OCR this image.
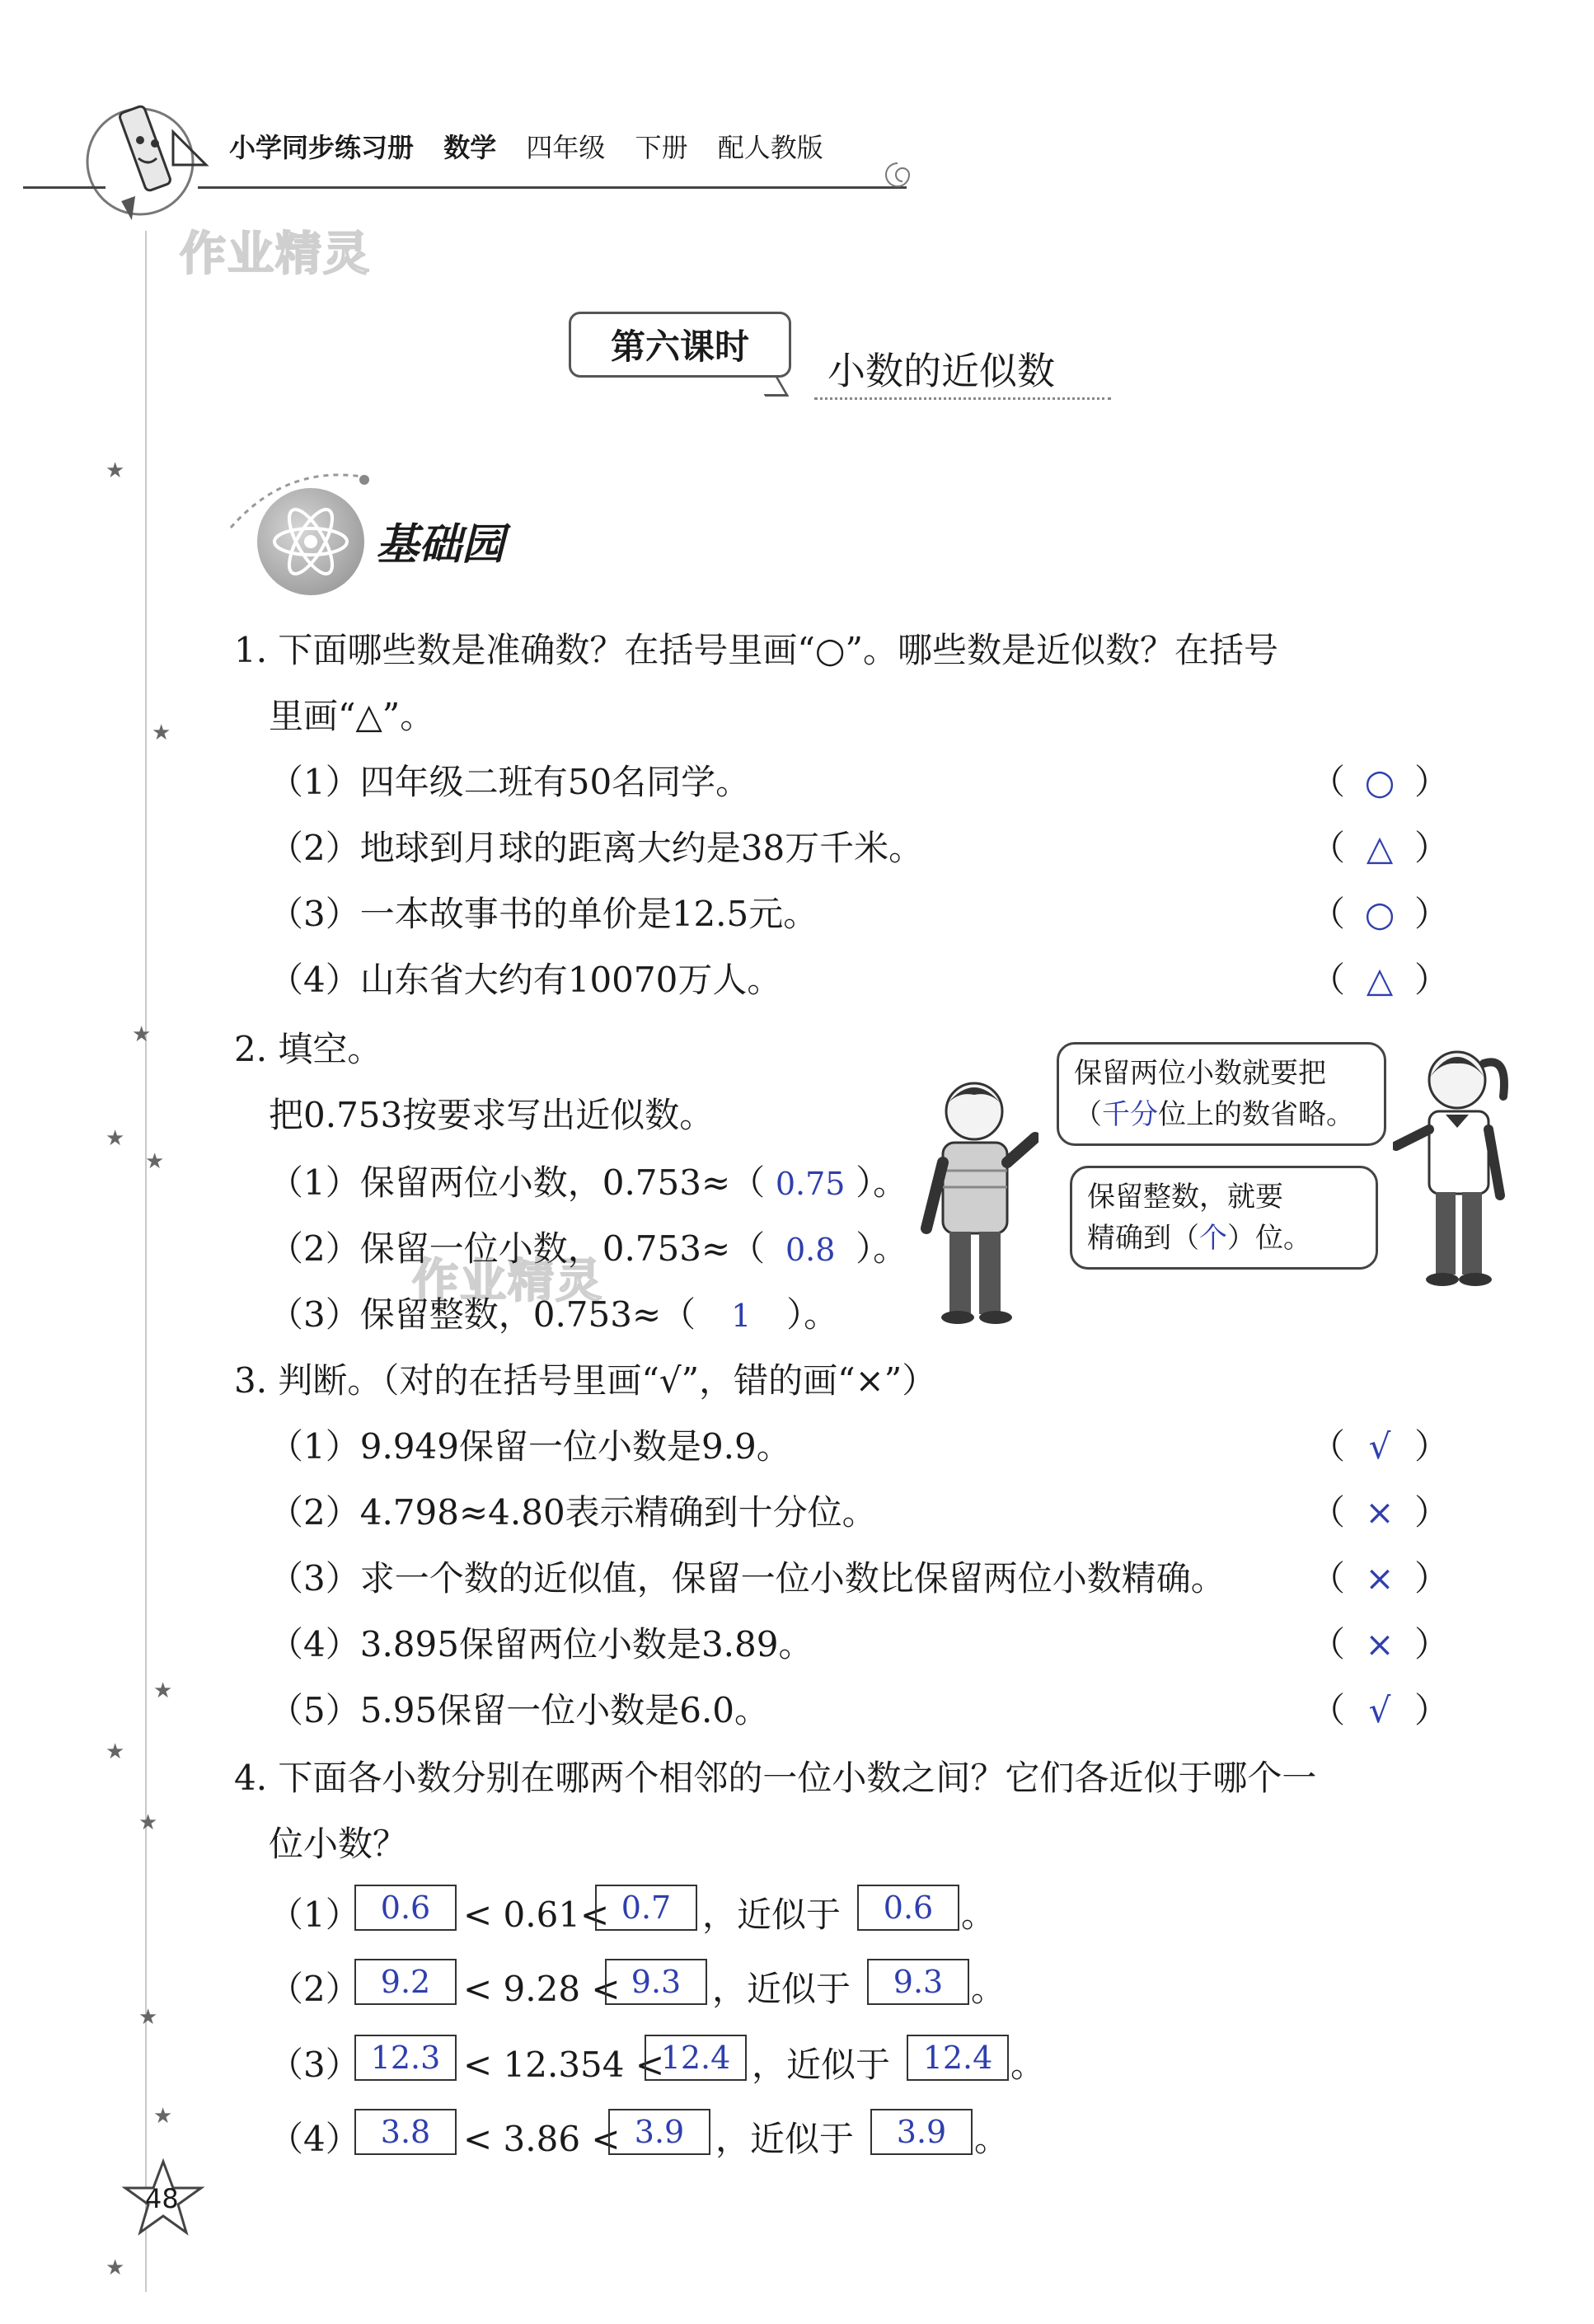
小学同步练习册 数学 四年级 下册 配人教版
作业精灵
作业精灵
★
★
★
★
★
★
★
★
★
★
★
第六课时
小数的近似数
基础园
1. 下面哪些数是准确数？在括号里画“○”。哪些数是近似数？在括号
里画“△”。
（1）四年级二班有50名同学。	（ ○ ）
（2）地球到月球的距离大约是38万千米。	（ △ ）
（3）一本故事书的单价是12.5元。	（ ○ ）
（4）山东省大约有10070万人。	（ △ ）
2. 填空。
把0.753按要求写出近似数。
（1）保留两位小数，0.753≈（ 0.75 ）。
（2）保留一位小数，0.753≈（ 0.8 ）。
（3）保留整数，0.753≈（ 1 ）。
保留两位小数就要把
（千分位上的数省略。
保留整数，就要
精确到（个）位。
3. 判断。（对的在括号里画“√”，错的画“×”）
（1）9.949保留一位小数是9.9。	（ √ ）
（2）4.798≈4.80表示精确到十分位。	（ × ）
（3）求一个数的近似值，保留一位小数比保留两位小数精确。 （ × ）
（4）3.895保留两位小数是3.89。	（ × ）
（5）5.95保留一位小数是6.0。	（ √ ）
4. 下面各小数分别在哪两个相邻的一位小数之间？它们各近似于哪个一
位小数？
（1） 0.6 < 0.61< 0.7 ，近似于	0.6 。
（2） 9.2 < 9.28 < 9.3 ，近似于	9.3 。
（3） 12.3 < 12.354 <
12.4 ，近似于	12.4 。
（4） 3.8 < 3.86 < 3.9 ，近似于	3.9 。
48
